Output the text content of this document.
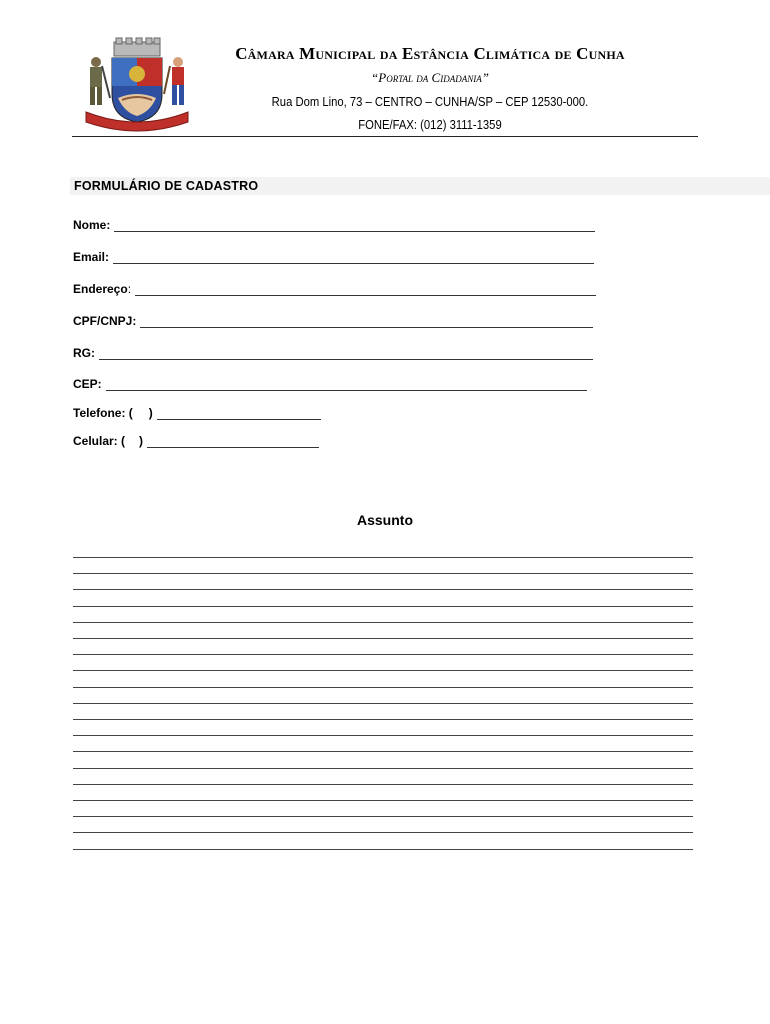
Câmara Municipal da Estância Climática de Cunha
“Portal da Cidadania”
Rua Dom Lino, 73 – CENTRO – CUNHA/SP – CEP 12530-000.
FONE/FAX: (012) 3111-1359
FORMULÁRIO DE CADASTRO
Nome:
Email:
Endereço :
CPF/CNPJ:
RG:
CEP:
Telefone: ( )
Celular: ( )
Assunto
